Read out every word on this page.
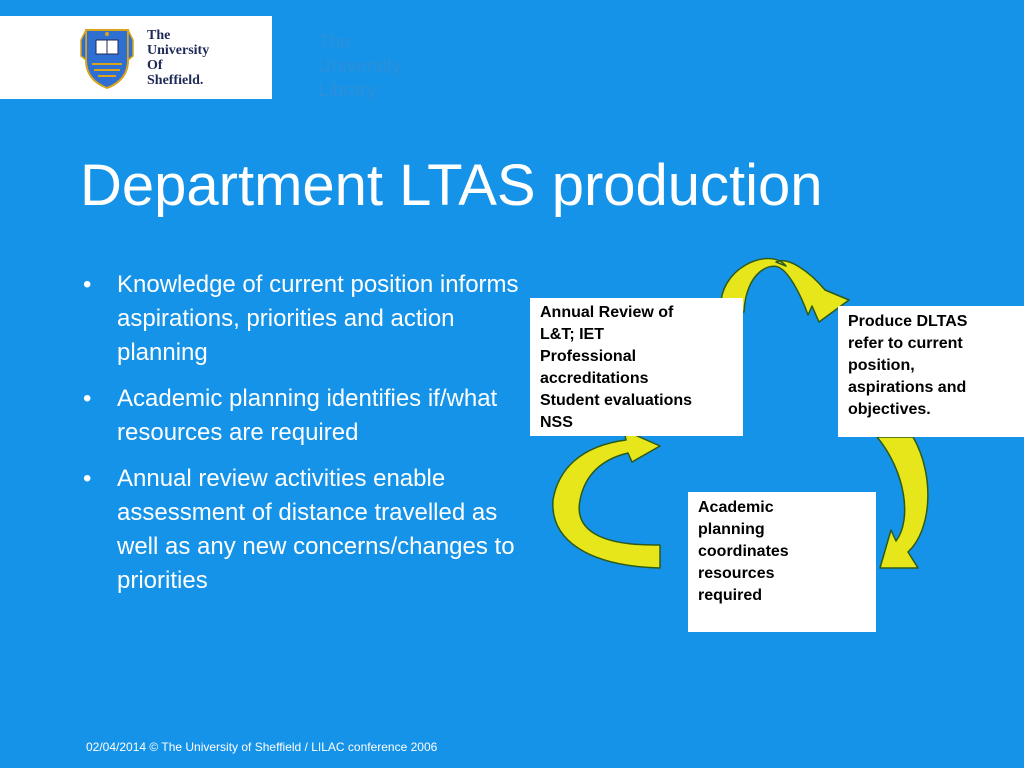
The
University
Of
Sheffield.
The
University
Library.
Department LTAS production
• Knowledge of current position informs aspirations, priorities and action planning
• Academic planning identifies if/what resources are required
• Annual review activities enable assessment of distance travelled as well as any new concerns/changes to priorities
Annual Review of
L&T; IET
Professional
accreditations
Student evaluations
NSS
Produce DLTAS
refer to current
position,
aspirations and
objectives.
Academic
planning
coordinates
resources
required
02/04/2014 © The University of Sheffield / LILAC conference 2006
